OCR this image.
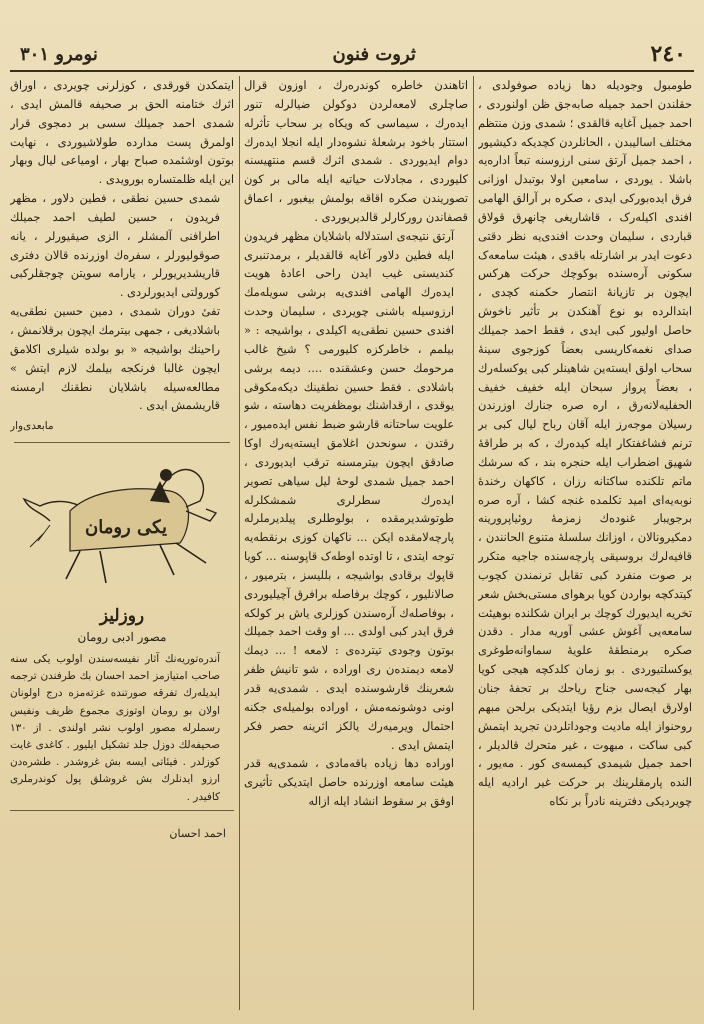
٢٤٠
ثروت فنون
نومرو ٣٠١

طومبول وجودیله دها زیاده صوفولدی ، حقلندن احمد جمیله صابه‌جق ظن اولنوردی ، احمد جمیل آغایه قالقدی ؛ شمدی وزن منتظم مختلف اسالیبدن ، الحانلردن کچدیکه دکیشیور ، احمد جمیل آرتق سنی ارزوسنه تبعاً اداره‌یه باشلا . یوردی ، سامعین اولا بوتبدل اوزانی فرق ایده‌بورکی ایدی ، صکره بر آرالق الهامی افندی اکیله‌رک ، قاشاریغی چانهرق قولاق قباردی ، سلیمان وحدت افندی‌یه نظر دقتی دعوت ایدر بر اشارتله باقدی ، هیئت سامعه‌ک سکونی آره‌سنده بوکوچك حرکت هرکس ایچون بر تازیانهٔ انتصار حکمنه کچدی ، ابتدالرده بو نوع آهنکدن بر تأثیر ناخوش حاصل اولیور کبی ایدی ، فقط احمد جمیلك صدای نغمه‌کاریسی بعضاً کوزجوی سینهٔ سحاب اولق ایسته‌ین شاهینلر کبی یوکسله‌رك ، بعضاً پرواز سبحان ایله خفیف خفیف الحفلیه‌لانه‌رق ، اره صره جنارك اوزرندن رسیلان موجه‌رز ایله آقان رباح لیال کبی بر ترنم فشاغفتکار ایله کیده‌رك ، که بر طراقهٔ شهیق اضطراب ایله حنجره بند ، که سرشك ماتم تلکنده ساکتانه رزان ، کاکهان رخنده‌ٔ نوبه‌یه‌ای امید تکلمده غنجه کشا ، آره صره برجویبار غنوده‌ك زمزمهٔ روئیاپرورینه دمکیرونالان ، اوزانك سلسلهٔ متنوع الحانندن ، قافیه‌لرك بروسیقی پارچه‌سنده جاجیه متکرر بر صوت منفرد کبی تقابل ترنمندن کچوب کیتدکچه بواردن کویا برهوای مستی‌بخش شعر تخریه ایدیورك کوچك بر ایران شکلنده بوهیئت سامعه‌یی آغوش عشی آوریه مدار . دقدن صکره برمنطقهٔ علویهٔ سماوانه‌طوغری یوکسلتیوردی . بو زمان کلدکچه هیجی کویا بهار کیجه‌سی جناح ریاحك بر تحفهٔ جنان اولارق ایصال بزم رؤیا ایتدیکی برلحن مبهم روحنواز ایله مادیت وجوداتلردن تجرید ایتمش کبی ساکت ، مبهوت ، غیر متحرك قالدیلر ، احمد جمیل شیمدی کیمسه‌ی کور . مه‌یور ، النده پارمقلرینك بر حرکت غیر ارادیه ایله چویردیکی دفترینه نادراً بر نکاه

اتاهندن خاطره کوندره‌رك ، اوزون قرال صاچلری لامعه‌لردن دوکولن ضیالرله تنور ایده‌رك ، سیماسی که ویکاه بر سحاب تأثرله استتار باخود برشعلهٔ نشوه‌دار ایله انجلا ایده‌رك دوام ایدیوردی . شمدی اثرك قسم منتهیسنه کلیوردی ، مجادلات حیاتیه ایله مالی بر کون تصوریندن صکره اقاقه بولمش بیغبور ، اعماق قصفاندن رورکارلر قالدیریوردی .

آرتق نتیجه‌ی استدلاله باشلایان مظهر فریدون ایله فطین دلاور آغایه قالقدیلر ، برمدتنبری کندیسنی غیب ایدن راحی اعادهٔ هویت ایده‌رك الهامی افندی‌یه برشی سویله‌مك ارزوسیله باشنی چویردی ، سلیمان وحدت افندی حسین نطقی‌یه اکیلدی ، بواشیجه : « بیلمم ، خاطرکزه کلیورمی ؟ شیخ غالب مرحومك حسن وعشقنده .... دیمه برشی باشلادی . فقط حسین نطقینك دیکه‌مکوقی یوقدی ، ارقداشنك بومظفریت دهاسته ، شو علویت ساحتانه قارشو ضبط نفس ایده‌میور ، رقتدن ، سونحدن اغلامق ایسته‌یه‌رك اوکا صادقق ایچون بیترمسنه ترقب ایدیوردی ، احمد جمیل شمدی لوحهٔ لیل سیاهی تصویر ایده‌رك سطرلری شمشکلرله طوتوشدیرمقده ، بولوطلری پیلدیرملرله پارچه‌لامقده ایکن ... ناکهان کوزی برنقطه‌یه توجه ایتدی ، تا اوتده اوطه‌ک قاپوسنه ... کویا قاپوك برقادی بواشیجه ، بللیسز ، بترمیور ، صالانلیور ، کوچك برفاصله برافرق آچیلیوردی ، بوفاصله‌ك آره‌سندن کوزلری یاش بر کولکه فرق ایدر کبی اولدی ... او وقت احمد جمیلك بوتون وجودی تیترده‌ی : لامعه ! ... دیمك لامعه دیمنده‌ن ری اوراده ، شو تانیش ظفر شعرینك قارشوسنده ایدی . شمدی‌یه قدر اونی دوشونمه‌مش ، اوراده بولمیله‌ی جکنه احتمال ویرمیه‌رك یالکز اثرینه حصر فکر ایتمش ایدی .

اوراده دها زیاده باقه‌مادی ، شمدی‌یه قدر هیئت سامعه اوزرنده حاصل ایتدیکی تأثیری اوفق بر سقوط انشاد ایله ازاله

ایتمکدن قورقدی ، کوزلرنی چویردی ، اوراق اثرك ختامنه الحق بر صحیفه قالمش ایدی ، شمدی احمد جمیلك سسی بر دمجوی قرار اولمرق پست مدارده طولاشیوردی ، نهایت بوتون اوشئمده صباح بهار ، اومیاعی لیال وبهار این ایله ظلمتساره بورویدی .

شمدی حسین نطقی ، فطین دلاور ، مظهر فریدون ، حسین لطیف احمد جمیلك اطرافنی آلمشلر ، الزی صیقیورلر ، یانه صوقولیورلر ، سفره‌ك اوزرنده قالان دفتری قاریشدیریورلر ، یارامه سویتن چوجقلرکبی کورولتی ایدیورلردی .

تفیٔ دوران شمدی ، دمین حسین نطقی‌یه باشلادیغی ، جمهی بیترمك ایچون برقلانمش ، راحینك بواشیجه « بو بولده شیلری اکلامق ایچون غالبا فرنکجه بیلمك لازم ایتش » مطالعه‌سیله باشلایان نطقنك ارمسنه قاریشمش ایدی .

مابعدی‌وار
یکی رومان
روزلیز
مصور ادبی رومان

آندره‌توریه‌نك آثار نفیسه‌سندن اولوب یکی سنه صاحب امتیازمز احمد احسان بك طرفندن ترجمه ایدیله‌رك تفرقه صورتنده غزته‌مزه درج اولونان اولان بو رومان اوتوزی مجموع ظریف ونفیس رسملرله مصور اولوب نشر اولندی . از ١٣٠ صحیفه‌لك دوزل جلد تشکیل ایلیور . کاغدی غایت کوزلدر . فیئاتی ایسه بش غروشدر . طشره‌دن ارزو ایدنلرك بش غروشلق پول کوندرملری کافیدر .

احمد احسان
